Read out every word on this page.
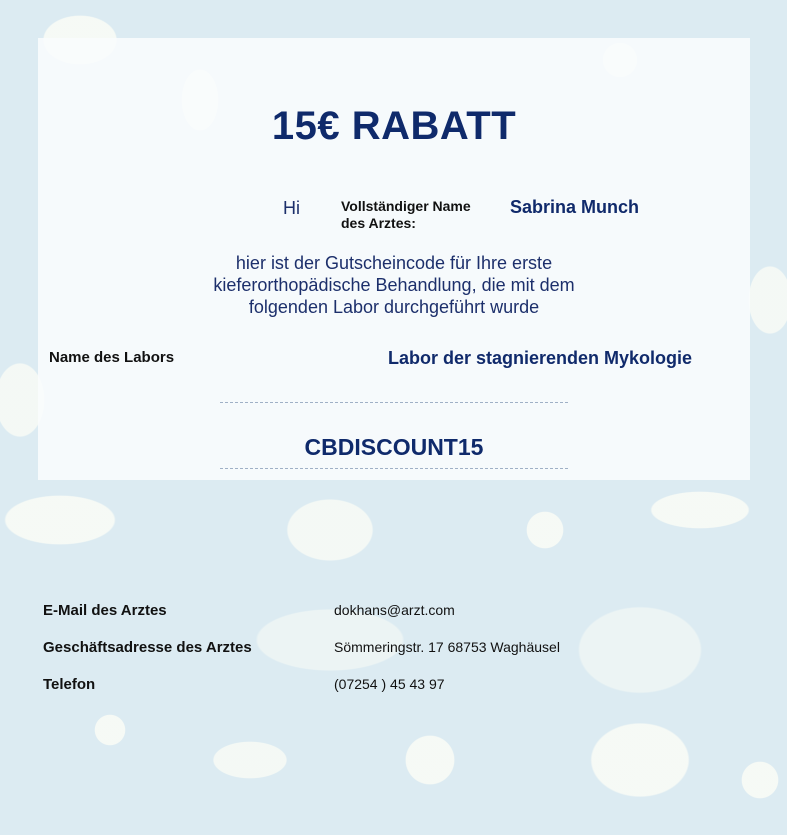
15€ RABATT
Hi	Vollständiger Name des Arztes:
Sabrina Munch
hier ist der Gutscheincode für Ihre erste kieferorthopädische Behandlung, die mit dem folgenden Labor durchgeführt wurde
Name des Labors	Labor der stagnierenden Mykologie
CBDISCOUNT15
E-Mail des Arztes	dokhans@arzt.com
Geschäftsadresse des Arztes	Sömmeringstr. 17 68753 Waghäusel
Telefon	(07254 ) 45 43 97
